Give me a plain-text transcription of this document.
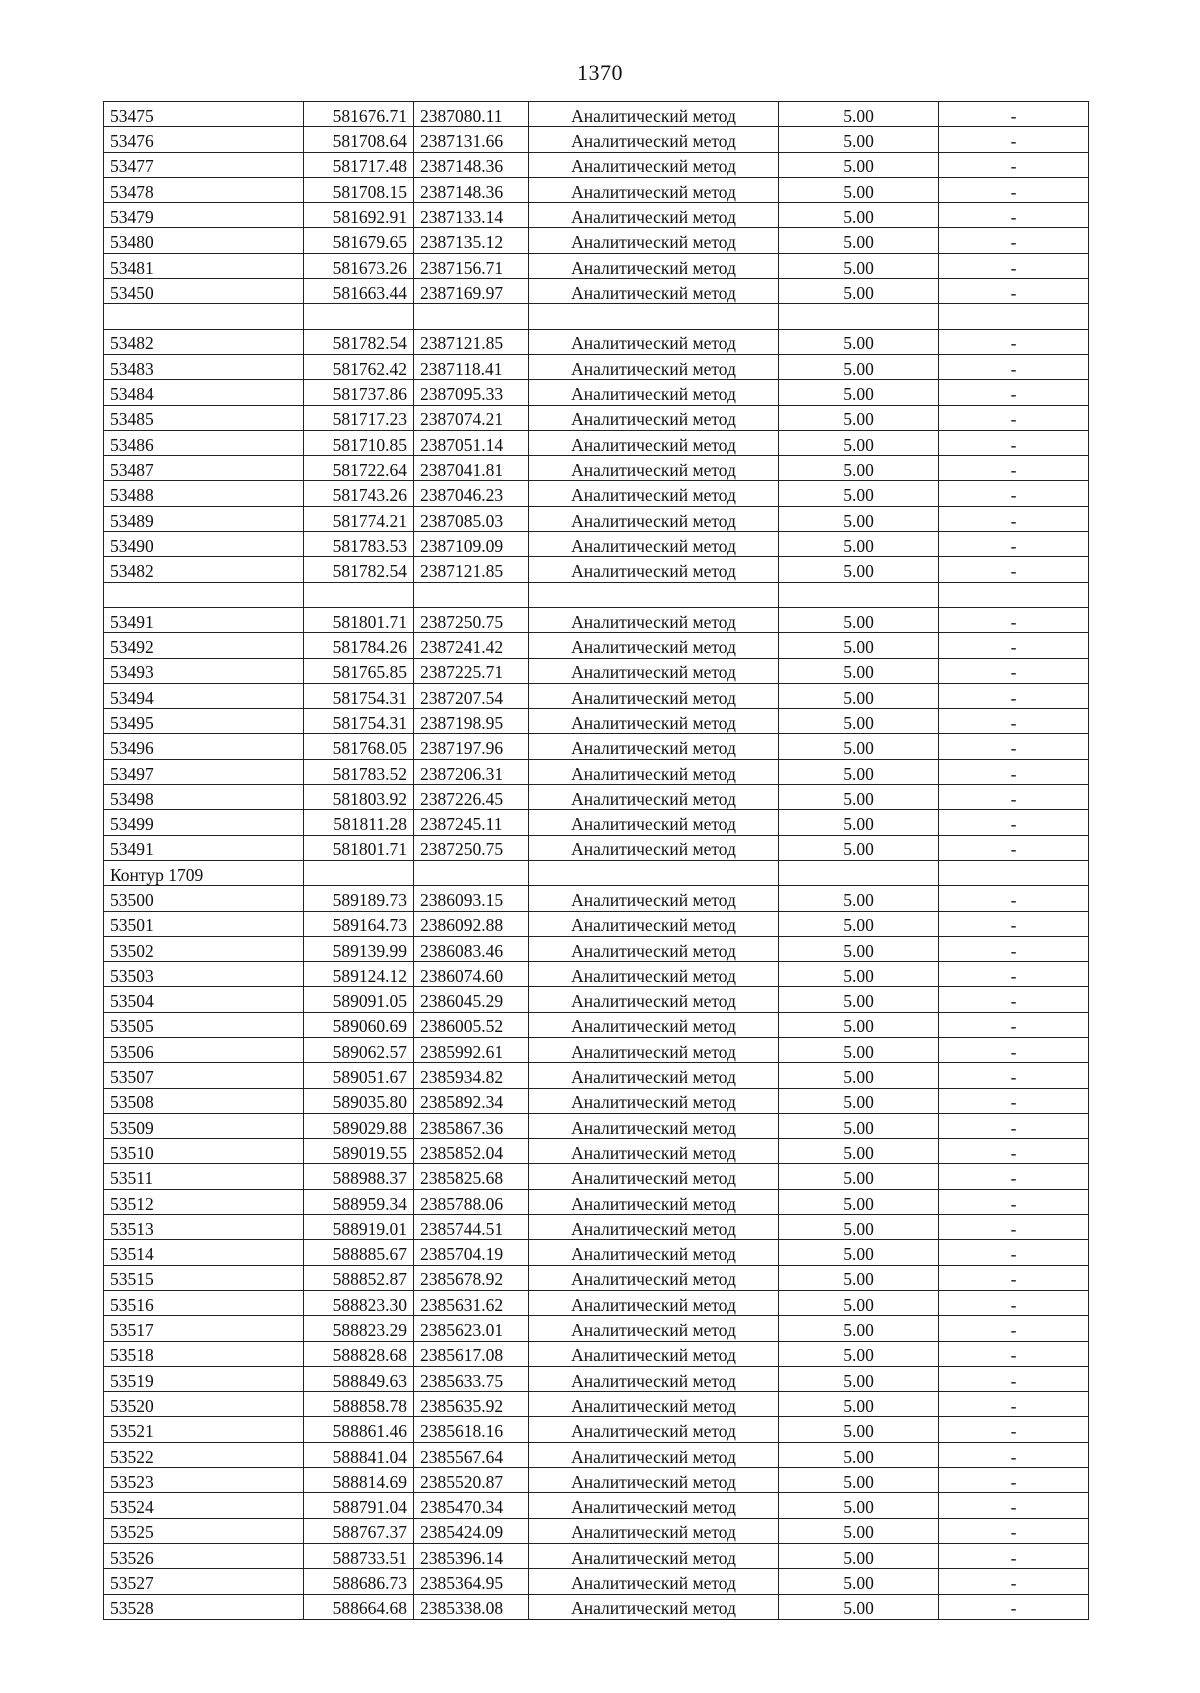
1370
53475	581676.71	2387080.11	Аналитический метод	5.00	-
53476	581708.64	2387131.66	Аналитический метод	5.00	-
53477	581717.48	2387148.36	Аналитический метод	5.00	-
53478	581708.15	2387148.36	Аналитический метод	5.00	-
53479	581692.91	2387133.14	Аналитический метод	5.00	-
53480	581679.65	2387135.12	Аналитический метод	5.00	-
53481	581673.26	2387156.71	Аналитический метод	5.00	-
53450	581663.44	2387169.97	Аналитический метод	5.00	-

53482	581782.54	2387121.85	Аналитический метод	5.00	-
53483	581762.42	2387118.41	Аналитический метод	5.00	-
53484	581737.86	2387095.33	Аналитический метод	5.00	-
53485	581717.23	2387074.21	Аналитический метод	5.00	-
53486	581710.85	2387051.14	Аналитический метод	5.00	-
53487	581722.64	2387041.81	Аналитический метод	5.00	-
53488	581743.26	2387046.23	Аналитический метод	5.00	-
53489	581774.21	2387085.03	Аналитический метод	5.00	-
53490	581783.53	2387109.09	Аналитический метод	5.00	-
53482	581782.54	2387121.85	Аналитический метод	5.00	-

53491	581801.71	2387250.75	Аналитический метод	5.00	-
53492	581784.26	2387241.42	Аналитический метод	5.00	-
53493	581765.85	2387225.71	Аналитический метод	5.00	-
53494	581754.31	2387207.54	Аналитический метод	5.00	-
53495	581754.31	2387198.95	Аналитический метод	5.00	-
53496	581768.05	2387197.96	Аналитический метод	5.00	-
53497	581783.52	2387206.31	Аналитический метод	5.00	-
53498	581803.92	2387226.45	Аналитический метод	5.00	-
53499	581811.28	2387245.11	Аналитический метод	5.00	-
53491	581801.71	2387250.75	Аналитический метод	5.00	-
Контур 1709					
53500	589189.73	2386093.15	Аналитический метод	5.00	-
53501	589164.73	2386092.88	Аналитический метод	5.00	-
53502	589139.99	2386083.46	Аналитический метод	5.00	-
53503	589124.12	2386074.60	Аналитический метод	5.00	-
53504	589091.05	2386045.29	Аналитический метод	5.00	-
53505	589060.69	2386005.52	Аналитический метод	5.00	-
53506	589062.57	2385992.61	Аналитический метод	5.00	-
53507	589051.67	2385934.82	Аналитический метод	5.00	-
53508	589035.80	2385892.34	Аналитический метод	5.00	-
53509	589029.88	2385867.36	Аналитический метод	5.00	-
53510	589019.55	2385852.04	Аналитический метод	5.00	-
53511	588988.37	2385825.68	Аналитический метод	5.00	-
53512	588959.34	2385788.06	Аналитический метод	5.00	-
53513	588919.01	2385744.51	Аналитический метод	5.00	-
53514	588885.67	2385704.19	Аналитический метод	5.00	-
53515	588852.87	2385678.92	Аналитический метод	5.00	-
53516	588823.30	2385631.62	Аналитический метод	5.00	-
53517	588823.29	2385623.01	Аналитический метод	5.00	-
53518	588828.68	2385617.08	Аналитический метод	5.00	-
53519	588849.63	2385633.75	Аналитический метод	5.00	-
53520	588858.78	2385635.92	Аналитический метод	5.00	-
53521	588861.46	2385618.16	Аналитический метод	5.00	-
53522	588841.04	2385567.64	Аналитический метод	5.00	-
53523	588814.69	2385520.87	Аналитический метод	5.00	-
53524	588791.04	2385470.34	Аналитический метод	5.00	-
53525	588767.37	2385424.09	Аналитический метод	5.00	-
53526	588733.51	2385396.14	Аналитический метод	5.00	-
53527	588686.73	2385364.95	Аналитический метод	5.00	-
53528	588664.68	2385338.08	Аналитический метод	5.00	-
